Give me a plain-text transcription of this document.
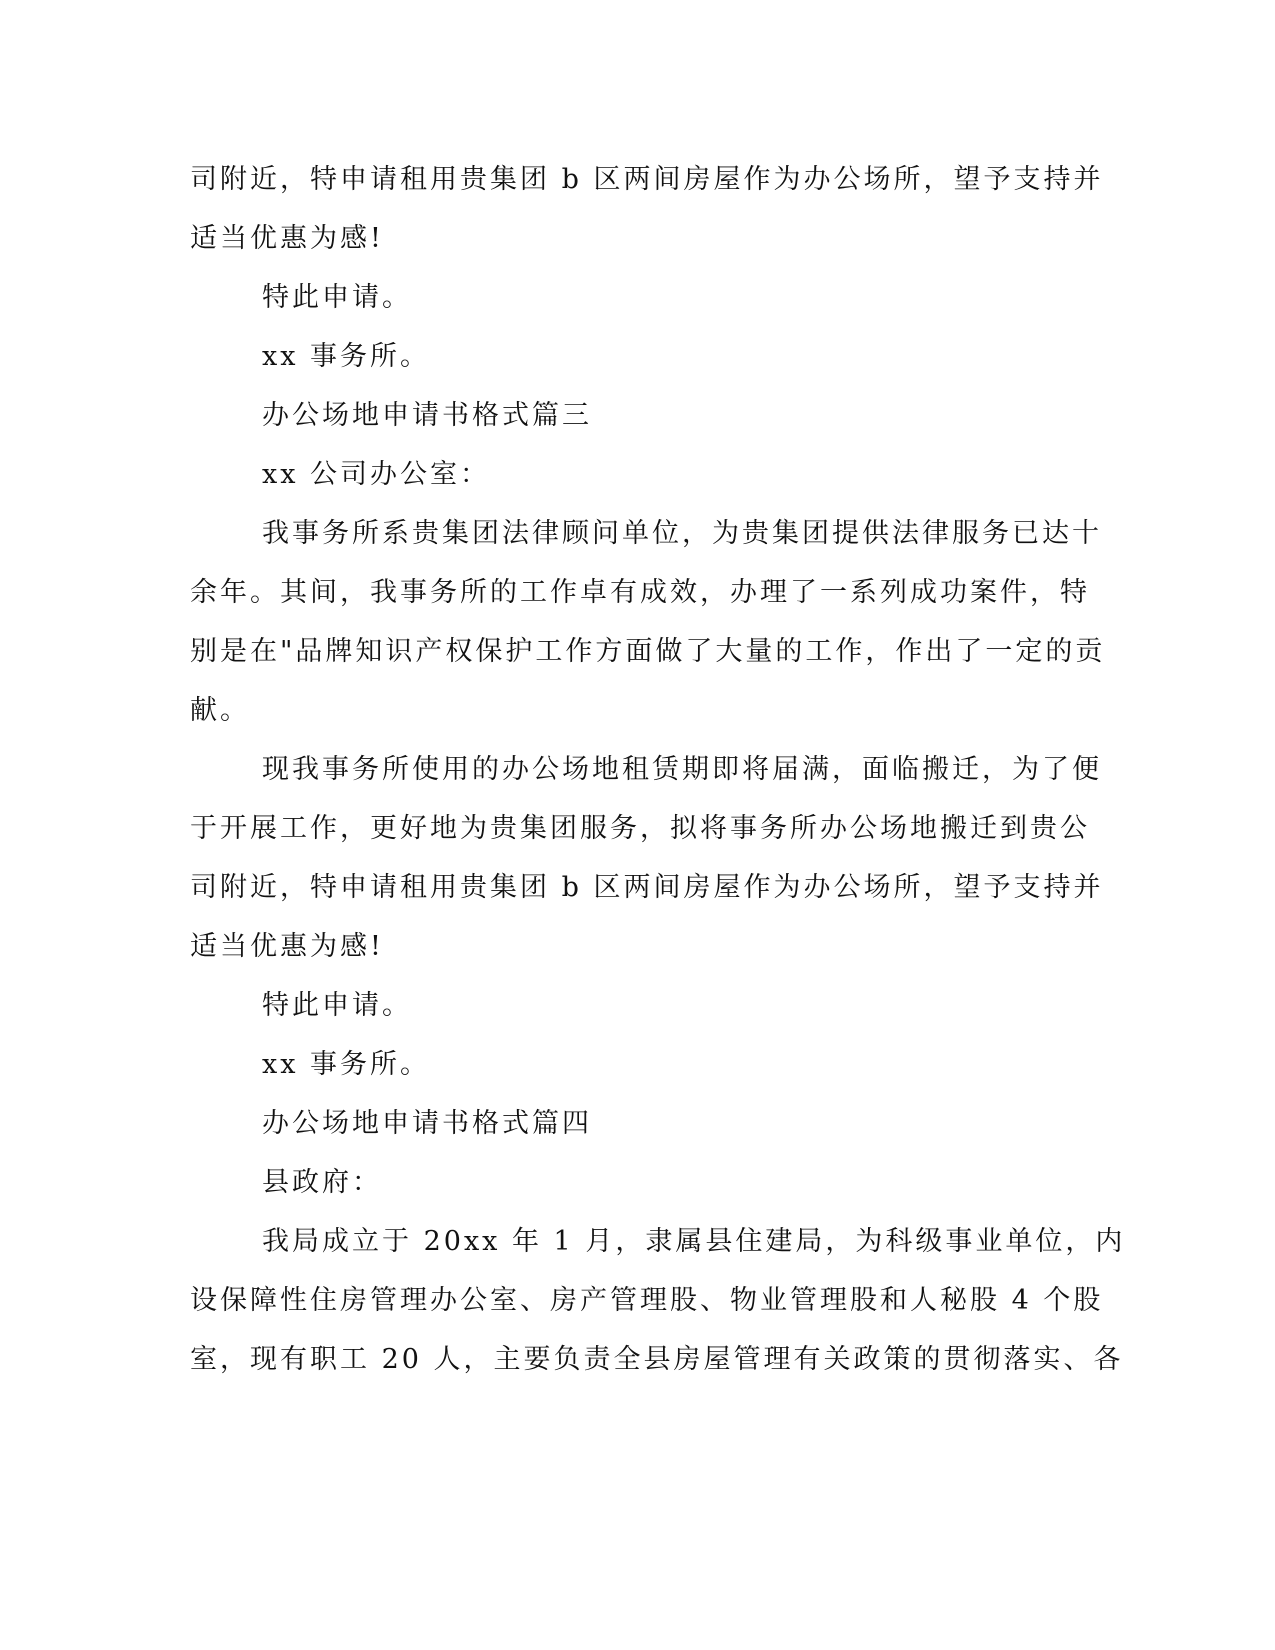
司附近，特申请租用贵集团 b 区两间房屋作为办公场所，望予支持并
适当优惠为感!
特此申请。
xx 事务所。
办公场地申请书格式篇三
xx 公司办公室：
我事务所系贵集团法律顾问单位，为贵集团提供法律服务已达十
余年。其间，我事务所的工作卓有成效，办理了一系列成功案件，特
别是在"品牌知识产权保护工作方面做了大量的工作，作出了一定的贡
献。
现我事务所使用的办公场地租赁期即将届满，面临搬迁，为了便
于开展工作，更好地为贵集团服务，拟将事务所办公场地搬迁到贵公
司附近，特申请租用贵集团 b 区两间房屋作为办公场所，望予支持并
适当优惠为感!
特此申请。
xx 事务所。
办公场地申请书格式篇四
县政府：
我局成立于 20xx 年 1 月，隶属县住建局，为科级事业单位，内
设保障性住房管理办公室、房产管理股、物业管理股和人秘股 4 个股
室，现有职工 20 人，主要负责全县房屋管理有关政策的贯彻落实、各
